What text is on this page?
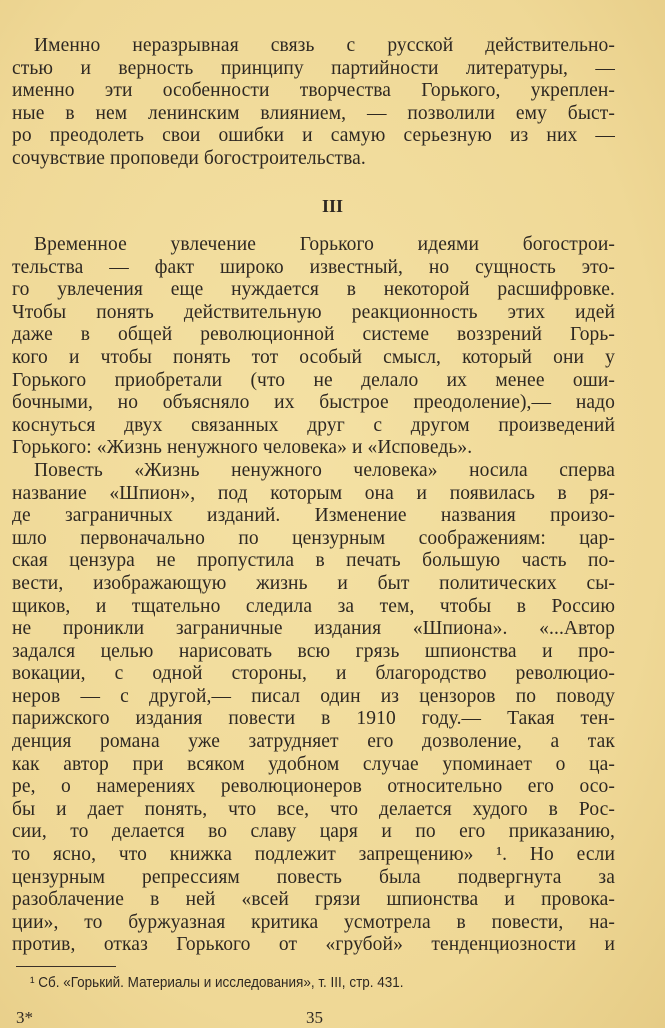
Именно неразрывная связь с русской действительно-
стью и верность принципу партийности литературы, —
именно эти особенности творчества Горького, укреплен-
ные в нем ленинским влиянием, — позволили ему быст-
ро преодолеть свои ошибки и самую серьезную из них —
сочувствие проповеди богостроительства.
III
Временное увлечение Горького идеями богострои-
тельства — факт широко известный, но сущность это-
го увлечения еще нуждается в некоторой расшифровке.
Чтобы понять действительную реакционность этих идей
даже в общей революционной системе воззрений Горь-
кого и чтобы понять тот особый смысл, который они у
Горького приобретали (что не делало их менее оши-
бочными, но объясняло их быстрое преодоление),— надо
коснуться двух связанных друг с другом произведений
Горького: «Жизнь ненужного человека» и «Исповедь».
Повесть «Жизнь ненужного человека» носила сперва
название «Шпион», под которым она и появилась в ря-
де заграничных изданий. Изменение названия произо-
шло первоначально по цензурным соображениям: цар-
ская цензура не пропустила в печать большую часть по-
вести, изображающую жизнь и быт политических сы-
щиков, и тщательно следила за тем, чтобы в Россию
не проникли заграничные издания «Шпиона». «...Автор
задался целью нарисовать всю грязь шпионства и про-
вокации, с одной стороны, и благородство революцио-
неров — с другой,— писал один из цензоров по поводу
парижского издания повести в 1910 году.— Такая тен-
денция романа уже затрудняет его дозволение, а так
как автор при всяком удобном случае упоминает о ца-
ре, о намерениях революционеров относительно его осо-
бы и дает понять, что все, что делается худого в Рос-
сии, то делается во славу царя и по его приказанию,
то ясно, что книжка подлежит запрещению» ¹. Но если
цензурным репрессиям повесть была подвергнута за
разоблачение в ней «всей грязи шпионства и провока-
ции», то буржуазная критика усмотрела в повести, на-
против, отказ Горького от «грубой» тенденциозности и
¹ Сб. «Горький. Материалы и исследования», т. III, стр. 431.
3*	35
